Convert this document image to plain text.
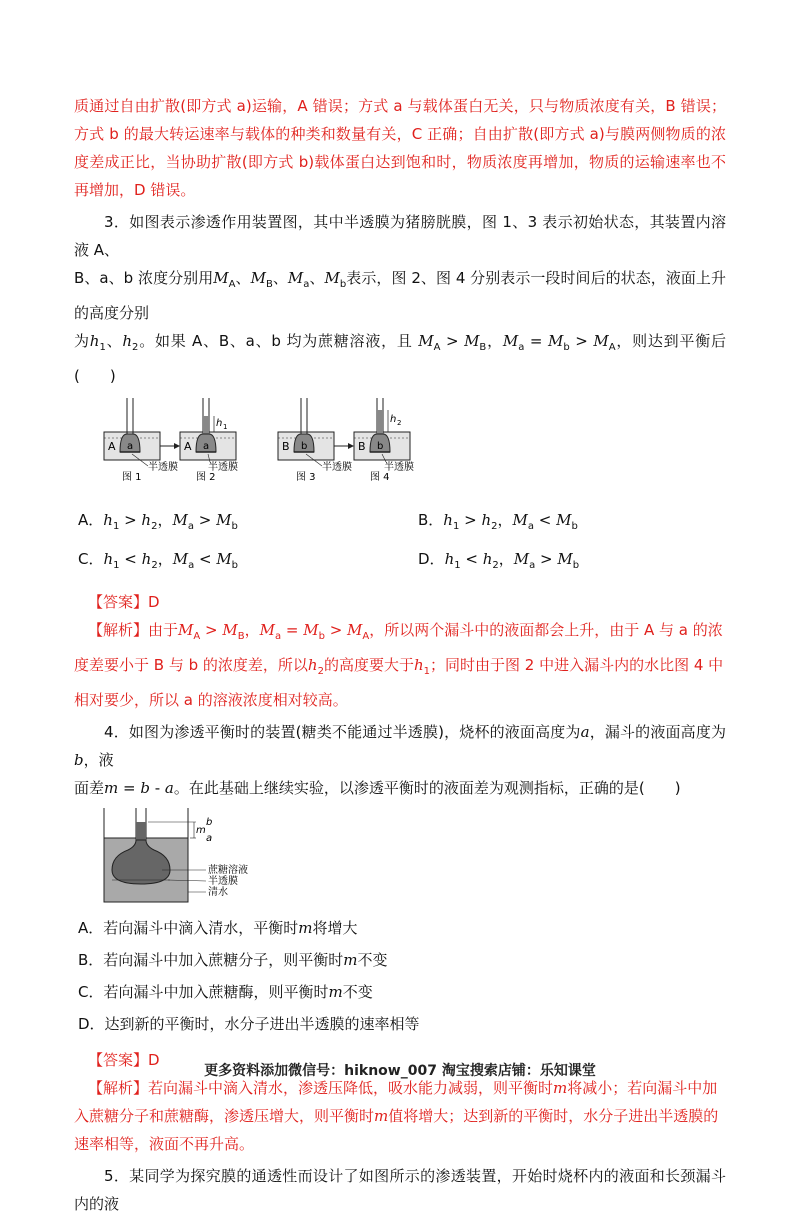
质通过自由扩散(即方式 a)运输，A 错误；方式 a 与载体蛋白无关，只与物质浓度有关，B 错误；方式 b 的最大转运速率与载体的种类和数量有关，C 正确；自由扩散(即方式 a)与膜两侧物质的浓度差成正比，当协助扩散(即方式 b)载体蛋白达到饱和时，物质浓度再增加，物质的运输速率也不再增加，D 错误。

3．如图表示渗透作用装置图，其中半透膜为猪膀胱膜，图 1、3 表示初始状态，其装置内溶液 A、

B、a、b 浓度分别用$M_A$、$M_B$、$M_a$、$M_b$表示，图 2、图 4 分别表示一段时间后的状态，液面上升的高度分别

为$h_1$、$h_2$。如果 A、B、a、b 均为蔗糖溶液，且 $M_A > M_B$，$M_a = M_b > M_A$，则达到平衡后(　　)

A a
图 1
h 1
A a
图 2
半透膜	半透膜
B b
图 3
h 2
B b
图 4
半透膜	半透膜
A．$h_1 > h_2$，$M_a > M_b$	B．$h_1 > h_2$，$M_a < M_b$
C．$h_1 < h_2$，$M_a < M_b$	D．$h_1 < h_2$，$M_a > M_b$

【答案】D

【解析】由于$M_A > M_B$，$M_a = M_b > M_A$，所以两个漏斗中的液面都会上升，由于 A 与 a 的浓度差要小于 B 与 b 的浓度差，所以$h_2$的高度要大于$h_1$；同时由于图 2 中进入漏斗内的水比图 4 中相对要少，所以 a 的溶液浓度相对较高。

4．如图为渗透平衡时的装置(糖类不能通过半透膜)，烧杯的液面高度为a，漏斗的液面高度为b，液

面差m = b - a。在此基础上继续实验，以渗透平衡时的液面差为观测指标，正确的是(　　)

b
m
a
蔗糖溶液
半透膜
清水

A．若向漏斗中滴入清水，平衡时m将增大

B．若向漏斗中加入蔗糖分子，则平衡时m不变

C．若向漏斗中加入蔗糖酶，则平衡时m不变

D．达到新的平衡时，水分子进出半透膜的速率相等

【答案】D

【解析】若向漏斗中滴入清水，渗透压降低，吸水能力减弱，则平衡时m将减小；若向漏斗中加入蔗糖分子和蔗糖酶，渗透压增大，则平衡时m值将增大；达到新的平衡时，水分子进出半透膜的速率相等，液面不再升高。

5．某同学为探究膜的通透性而设计了如图所示的渗透装置，开始时烧杯内的液面和长颈漏斗内的液

更多资料添加微信号：hiknow_007 淘宝搜索店铺：乐知课堂
